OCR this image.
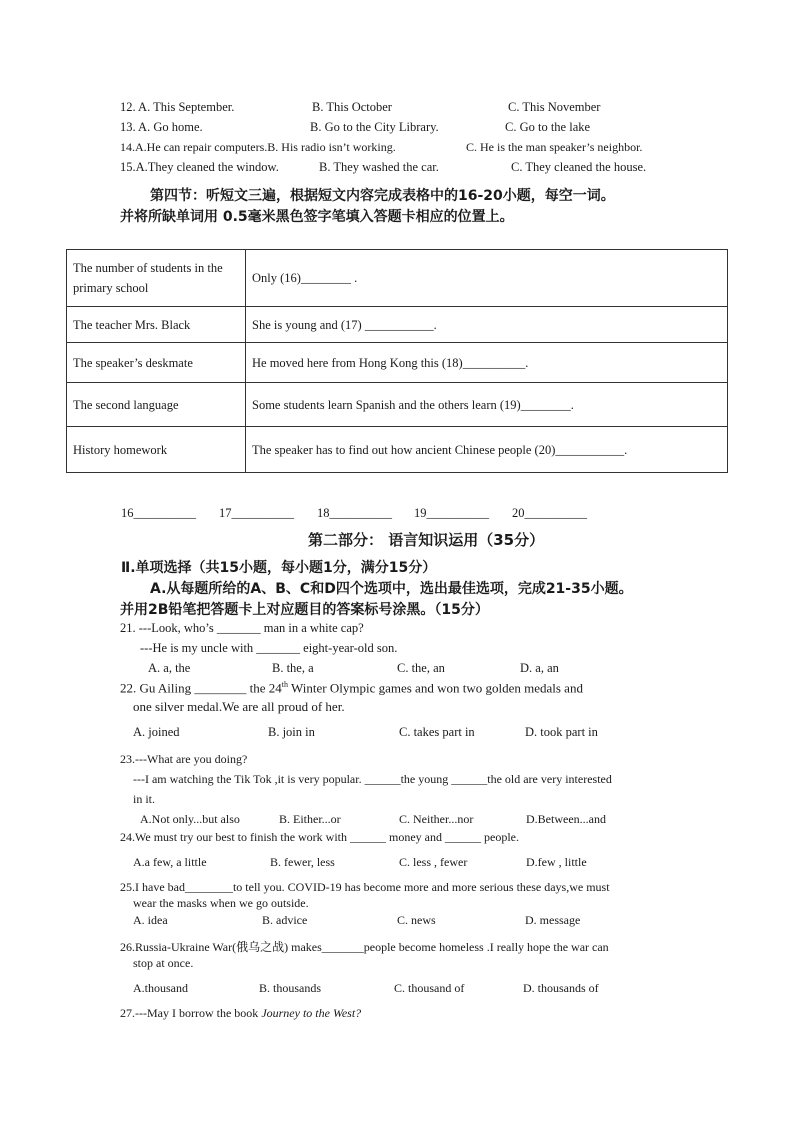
12. A. This September.	B. This October	C. This November
13. A. Go home.	B. Go to the City Library.	C. Go to the lake
14.A.He can repair computers.B. His radio isn’t working.	C. He is the man speaker’s neighbor.
15.A.They cleaned the window.	B. They washed the car.	C. They cleaned the house.
第四节：听短文三遍，根据短文内容完成表格中的16-20小题，每空一词。
并将所缺单词用 0.5毫米黑色签字笔填入答题卡相应的位置上。
The number of students in the primary school	Only (16)________ .
The teacher Mrs. Black	She is young and (17) ___________.
The speaker’s deskmate	He moved here from Hong Kong this (18)__________.
The second language	Some students learn Spanish and the others learn (19)________.
History homework	The speaker has to find out how ancient Chinese people (20)___________.
16__________ 17__________ 18__________ 19__________ 20__________
第二部分： 语言知识运用（35分）
Ⅱ.单项选择（共15小题，每小题1分，满分15分）
A.从每题所给的A、B、C和D四个选项中，选出最佳选项，完成21-35小题。
并用2B铅笔把答题卡上对应题目的答案标号涂黑。（15分）
21. ---Look, who’s _______ man in a white cap?
---He is my uncle with _______ eight-year-old son.
A. a, the	B. the, a	C. the, an	D. a, an
22. Gu Ailing ________ the 24th Winter Olympic games and won two golden medals and
one silver medal.We are all proud of her.
A. joined	B. join in	C. takes part in	D. took part in
23.---What are you doing?
---I am watching the Tik Tok ,it is very popular. ______the young ______the old are very interested
in it.
A.Not only...but also	B. Either...or	C. Neither...nor	D.Between...and
24.We must try our best to finish the work with ______ money and ______ people.
A.a few, a little	B. fewer, less	C. less , fewer	D.few , little
25.I have bad________to tell you. COVID-19 has become more and more serious these days,we must
wear the masks when we go outside.
A. idea	B. advice	C. news	D. message
26.Russia-Ukraine War(俄乌之战) makes_______people become homeless .I really hope the war can
stop at once.
A.thousand	B. thousands	C. thousand of	D. thousands of
27.---May I borrow the book Journey to the West?
